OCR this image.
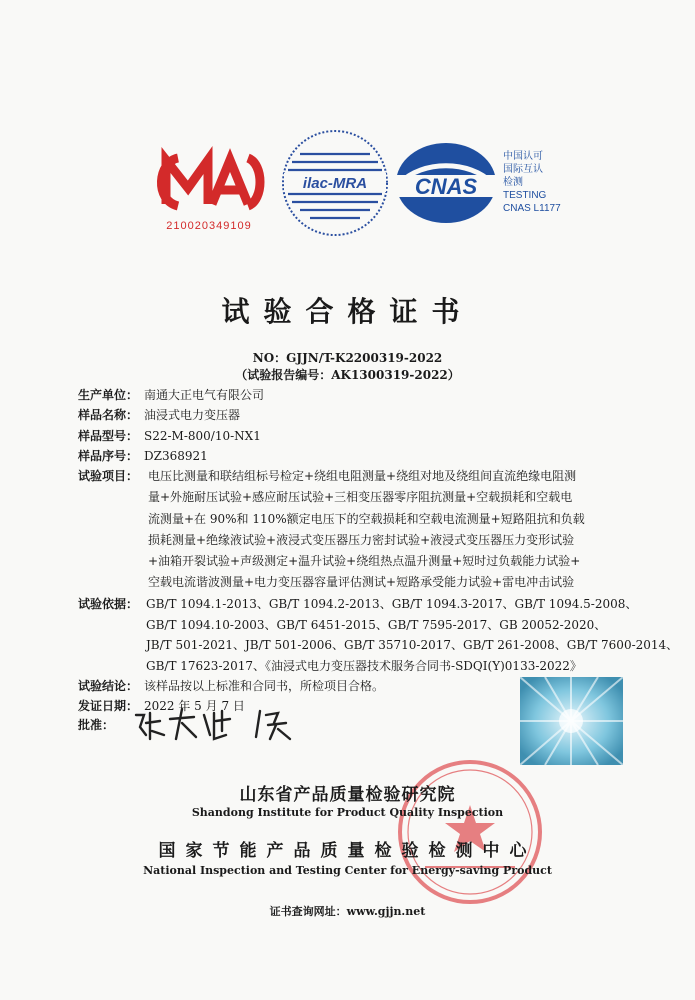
210020349109
ilac-MRA CNAS
中国认可
国际互认
检测
TESTING
CNAS L1177
试验合格证书
NO：GJJN/T-K2200319-2022
（试验报告编号：AK1300319-2022）
生产单位： 南通大正电气有限公司
样品名称： 油浸式电力变压器
样品型号： S22-M-800/10-NX1
样品序号： DZ368921
试验项目： 电压比测量和联结组标号检定+绕组电阻测量+绕组对地及绕组间直流绝缘电阻测
量+外施耐压试验+感应耐压试验+三相变压器零序阻抗测量+空载损耗和空载电
流测量+在 90%和 110%额定电压下的空载损耗和空载电流测量+短路阻抗和负载
损耗测量+绝缘液试验+液浸式变压器压力密封试验+液浸式变压器压力变形试验
+油箱开裂试验+声级测定+温升试验+绕组热点温升测量+短时过负载能力试验+
空载电流谐波测量+电力变压器容量评估测试+短路承受能力试验+雷电冲击试验
试验依据： GB/T 1094.1-2013、GB/T 1094.2-2013、GB/T 1094.3-2017、GB/T 1094.5-2008、
GB/T 1094.10-2003、GB/T 6451-2015、GB/T 7595-2017、GB 20052-2020、
JB/T 501-2021、JB/T 501-2006、GB/T 35710-2017、GB/T 261-2008、GB/T 7600-2014、
GB/T 17623-2017、《油浸式电力变压器技术服务合同书-SDQI(Y)0133-2022》
试验结论： 该样品按以上标准和合同书，所检项目合格。
发证日期： 2022 年 5 月 7 日
批准：
山东省产品质量检验研究院
Shandong Institute for Product Quality Inspection
国家节能产品质量检验检测中心
National Inspection and Testing Center for Energy-saving Product
证书查询网址：www.gjjn.net
